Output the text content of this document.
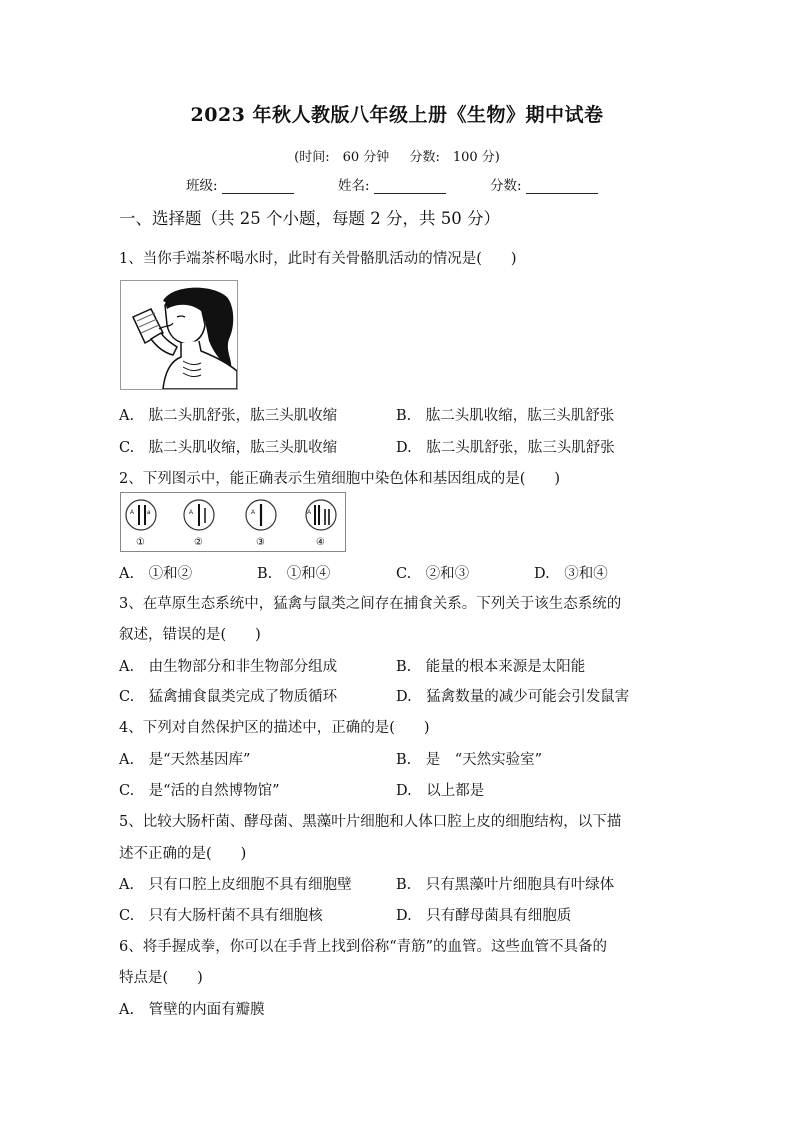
2023 年秋人教版八年级上册《生物》期中试卷
(时间:　60 分钟 分数:　100 分)
班级:	姓名:	分数:
一、选择题（共 25 个小题，每题 2 分，共 50 分）
1、当你手端茶杯喝水时，此时有关骨骼肌活动的情况是(　　)
A.　肱二头肌舒张，肱三头肌收缩	B.　肱二头肌收缩，肱三头肌舒张
C.　肱二头肌收缩，肱三头肌收缩	D.　肱二头肌舒张，肱三头肌舒张
2、下列图示中，能正确表示生殖细胞中染色体和基因组成的是(　　)
A a	A	A	A
①	②	③	④
A.　①和②	B.　①和④	C.　②和③	D.　③和④
3、在草原生态系统中，猛禽与鼠类之间存在捕食关系。下列关于该生态系统的
叙述，错误的是(　　)
A.　由生物部分和非生物部分组成	B.　能量的根本来源是太阳能
C.　猛禽捕食鼠类完成了物质循环	D.　猛禽数量的减少可能会引发鼠害
4、下列对自然保护区的描述中，正确的是(　　)
A.　是“天然基因库”	B.　是　“天然实验室”
C.　是“活的自然博物馆”	D.　以上都是
5、比较大肠杆菌、酵母菌、黑藻叶片细胞和人体口腔上皮的细胞结构，以下描
述不正确的是(　　)
A.　只有口腔上皮细胞不具有细胞壁	B.　只有黑藻叶片细胞具有叶绿体
C.　只有大肠杆菌不具有细胞核	D.　只有酵母菌具有细胞质
6、将手握成拳，你可以在手背上找到俗称“青筋”的血管。这些血管不具备的
特点是(　　)
A.　管壁的内面有瓣膜
